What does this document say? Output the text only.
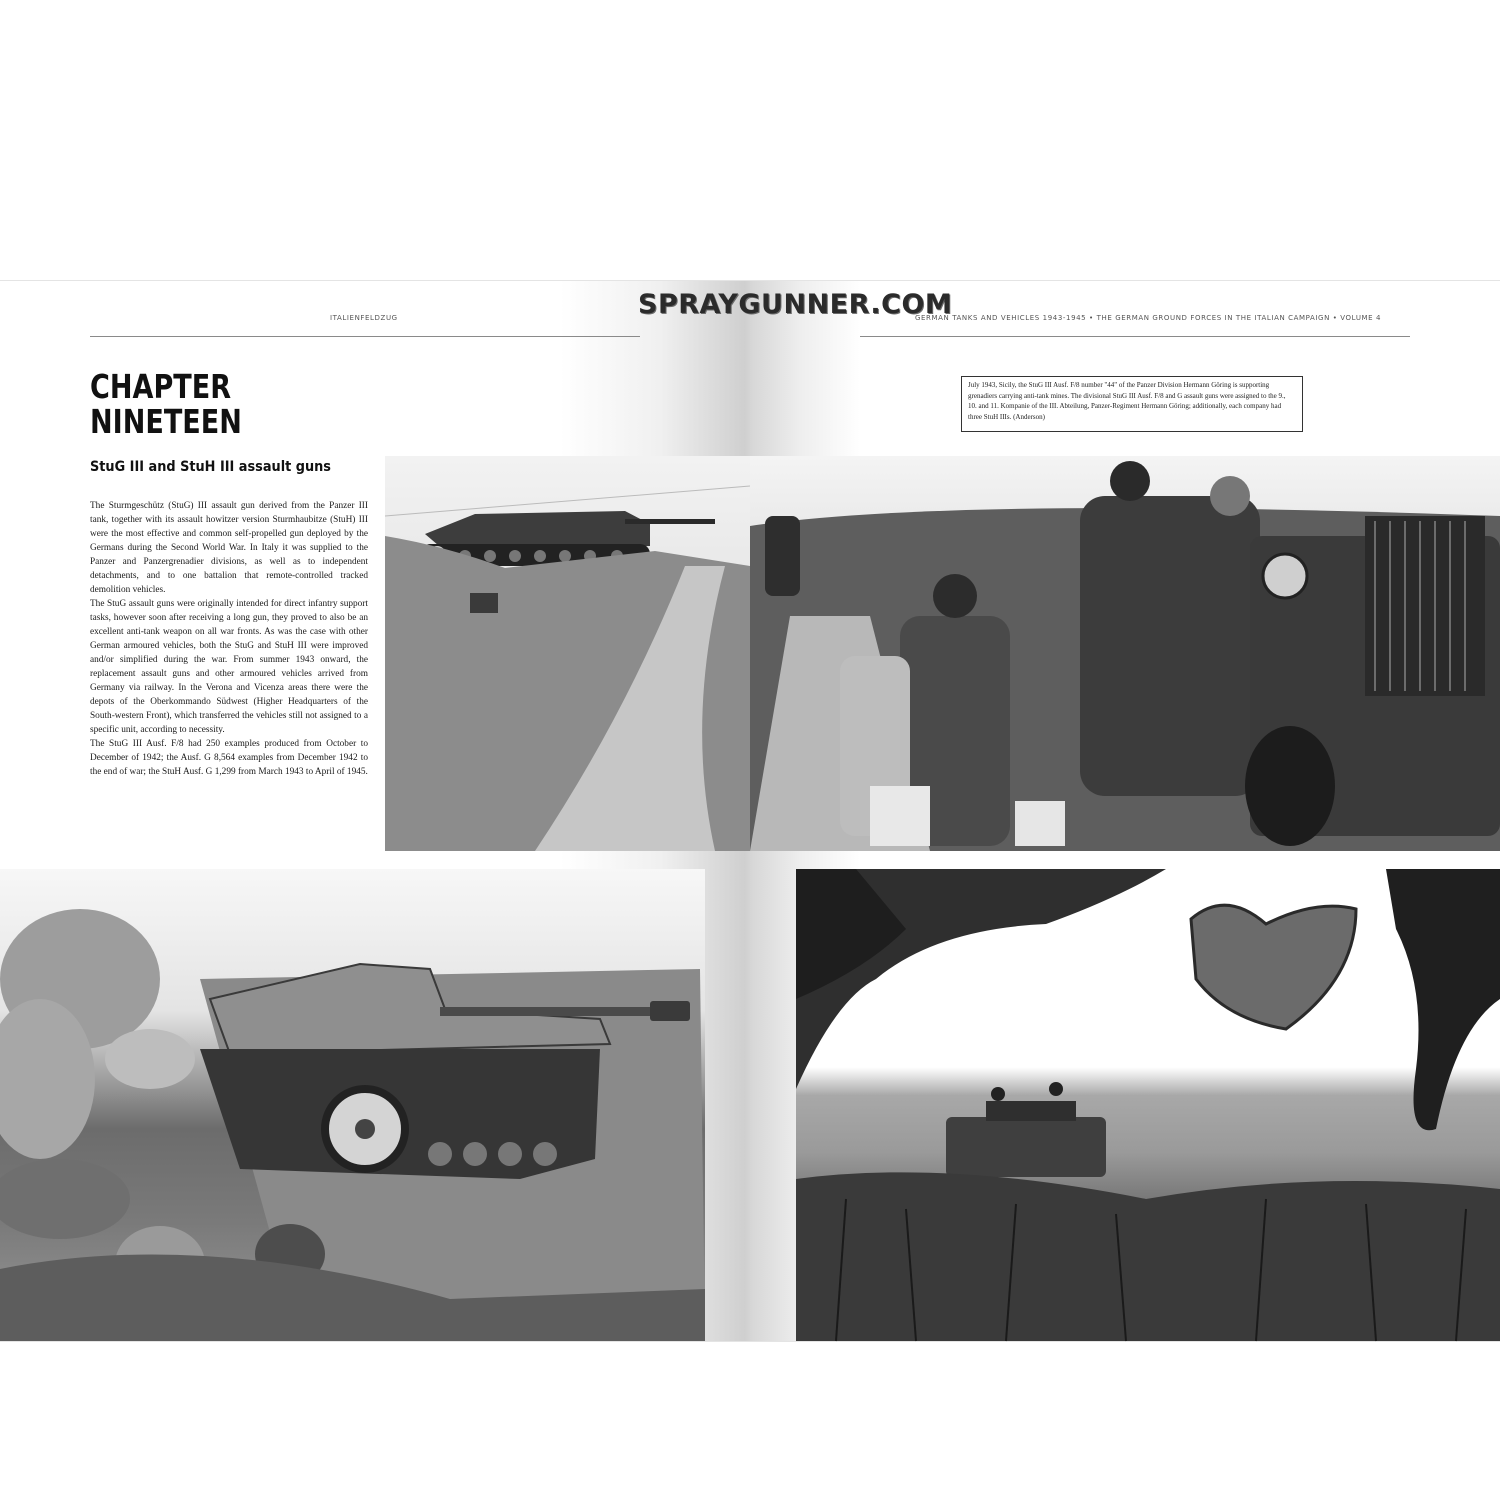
ITALIENFELDZUG	GERMAN TANKS AND VEHICLES 1943-1945 • THE GERMAN GROUND FORCES IN THE ITALIAN CAMPAIGN • VOLUME 4
SPRAYGUNNER.COM
CHAPTER
NINETEEN
StuG III and StuH III assault guns

The Sturmgeschütz (StuG) III assault gun derived from the Panzer III tank, together with its assault howitzer version Sturmhaubitze (StuH) III were the most effective and common self-propelled gun deployed by the Germans during the Second World War. In Italy it was supplied to the Panzer and Panzergrenadier divisions, as well as to independent detachments, and to one battalion that remote-controlled tracked demolition vehicles.

The StuG assault guns were originally intended for direct infantry support tasks, however soon after receiving a long gun, they proved to also be an excellent anti-tank weapon on all war fronts. As was the case with other German armoured vehicles, both the StuG and StuH III were improved and/or simplified during the war. From summer 1943 onward, the replacement assault guns and other armoured vehicles arrived from Germany via railway. In the Verona and Vicenza areas there were the depots of the Oberkommando Südwest (Higher Headquarters of the South-western Front), which transferred the vehicles still not assigned to a specific unit, according to necessity.

The StuG III Ausf. F/8 had 250 examples produced from October to December of 1942; the Ausf. G 8,564 examples from December 1942 to the end of war; the StuH Ausf. G 1,299 from March 1943 to April of 1945.

July 1943, Sicily, the StuG III Ausf. F/8 number "44" of the Panzer Division Hermann Göring is supporting grenadiers carrying anti-tank mines. The divisional StuG III Ausf. F/8 and G assault guns were assigned to the 9., 10. and 11. Kompanie of the III. Abteilung, Panzer-Regiment Hermann Göring; additionally, each company had three StuH IIIs. (Anderson)
